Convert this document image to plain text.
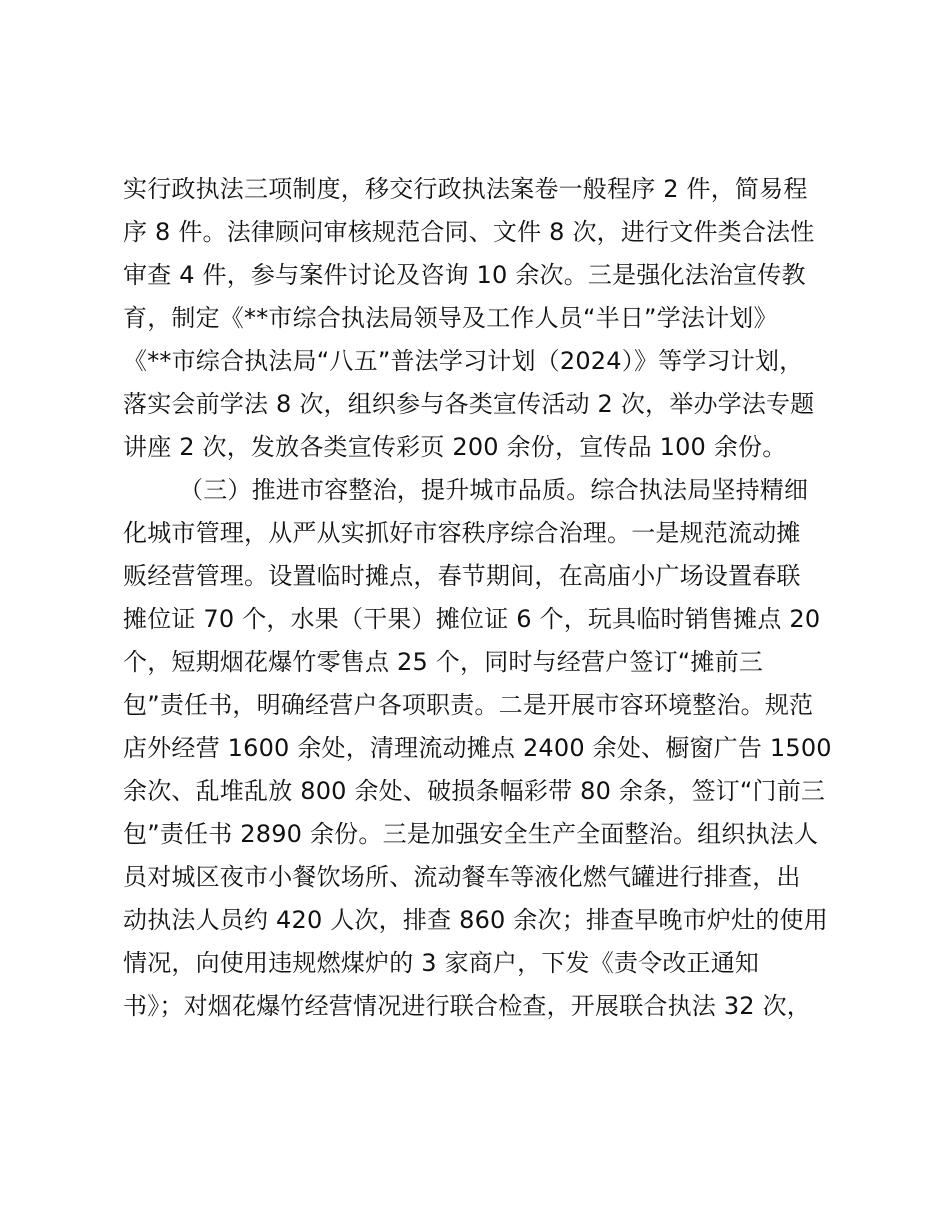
实行政执法三项制度，移交行政执法案卷一般程序 2 件，简易程
序 8 件。法律顾问审核规范合同、文件 8 次，进行文件类合法性
审查 4 件，参与案件讨论及咨询 10 余次。三是强化法治宣传教
育，制定《**市综合执法局领导及工作人员“半日”学法计划》
《**市综合执法局“八五”普法学习计划（2024）》等学习计划，
落实会前学法 8 次，组织参与各类宣传活动 2 次，举办学法专题
讲座 2 次，发放各类宣传彩页 200 余份，宣传品 100 余份。
（三）推进市容整治，提升城市品质。综合执法局坚持精细
化城市管理，从严从实抓好市容秩序综合治理。一是规范流动摊
贩经营管理。设置临时摊点，春节期间，在高庙小广场设置春联
摊位证 70 个，水果（干果）摊位证 6 个，玩具临时销售摊点 20
个，短期烟花爆竹零售点 25 个，同时与经营户签订“摊前三
包”责任书，明确经营户各项职责。二是开展市容环境整治。规范
店外经营 1600 余处，清理流动摊点 2400 余处、橱窗广告 1500
余次、乱堆乱放 800 余处、破损条幅彩带 80 余条，签订“门前三
包”责任书 2890 余份。三是加强安全生产全面整治。组织执法人
员对城区夜市小餐饮场所、流动餐车等液化燃气罐进行排查，出
动执法人员约 420 人次，排查 860 余次；排查早晚市炉灶的使用
情况，向使用违规燃煤炉的 3 家商户，下发《责令改正通知
书》；对烟花爆竹经营情况进行联合检查，开展联合执法 32 次，
